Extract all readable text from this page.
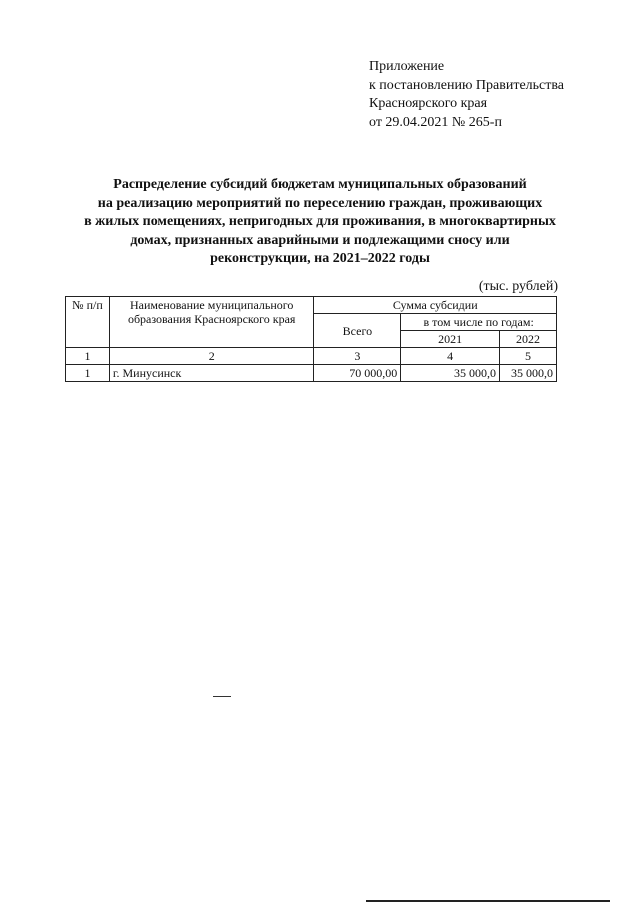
Приложение
к постановлению Правительства
Красноярского края
от 29.04.2021 № 265-п
Распределение субсидий бюджетам муниципальных образований
на реализацию мероприятий по переселению граждан, проживающих
в жилых помещениях, непригодных для проживания, в многоквартирных
домах, признанных аварийными и подлежащими сносу или
реконструкции, на 2021–2022 годы
(тыс. рублей)
№ п/п	Наименование муниципального образования Красноярского края	Сумма субсидии		
		Всего	в том числе по годам:	
			2021	2022
1	2	3	4	5
1	г. Минусинск	70 000,00	35 000,0	35 000,0
